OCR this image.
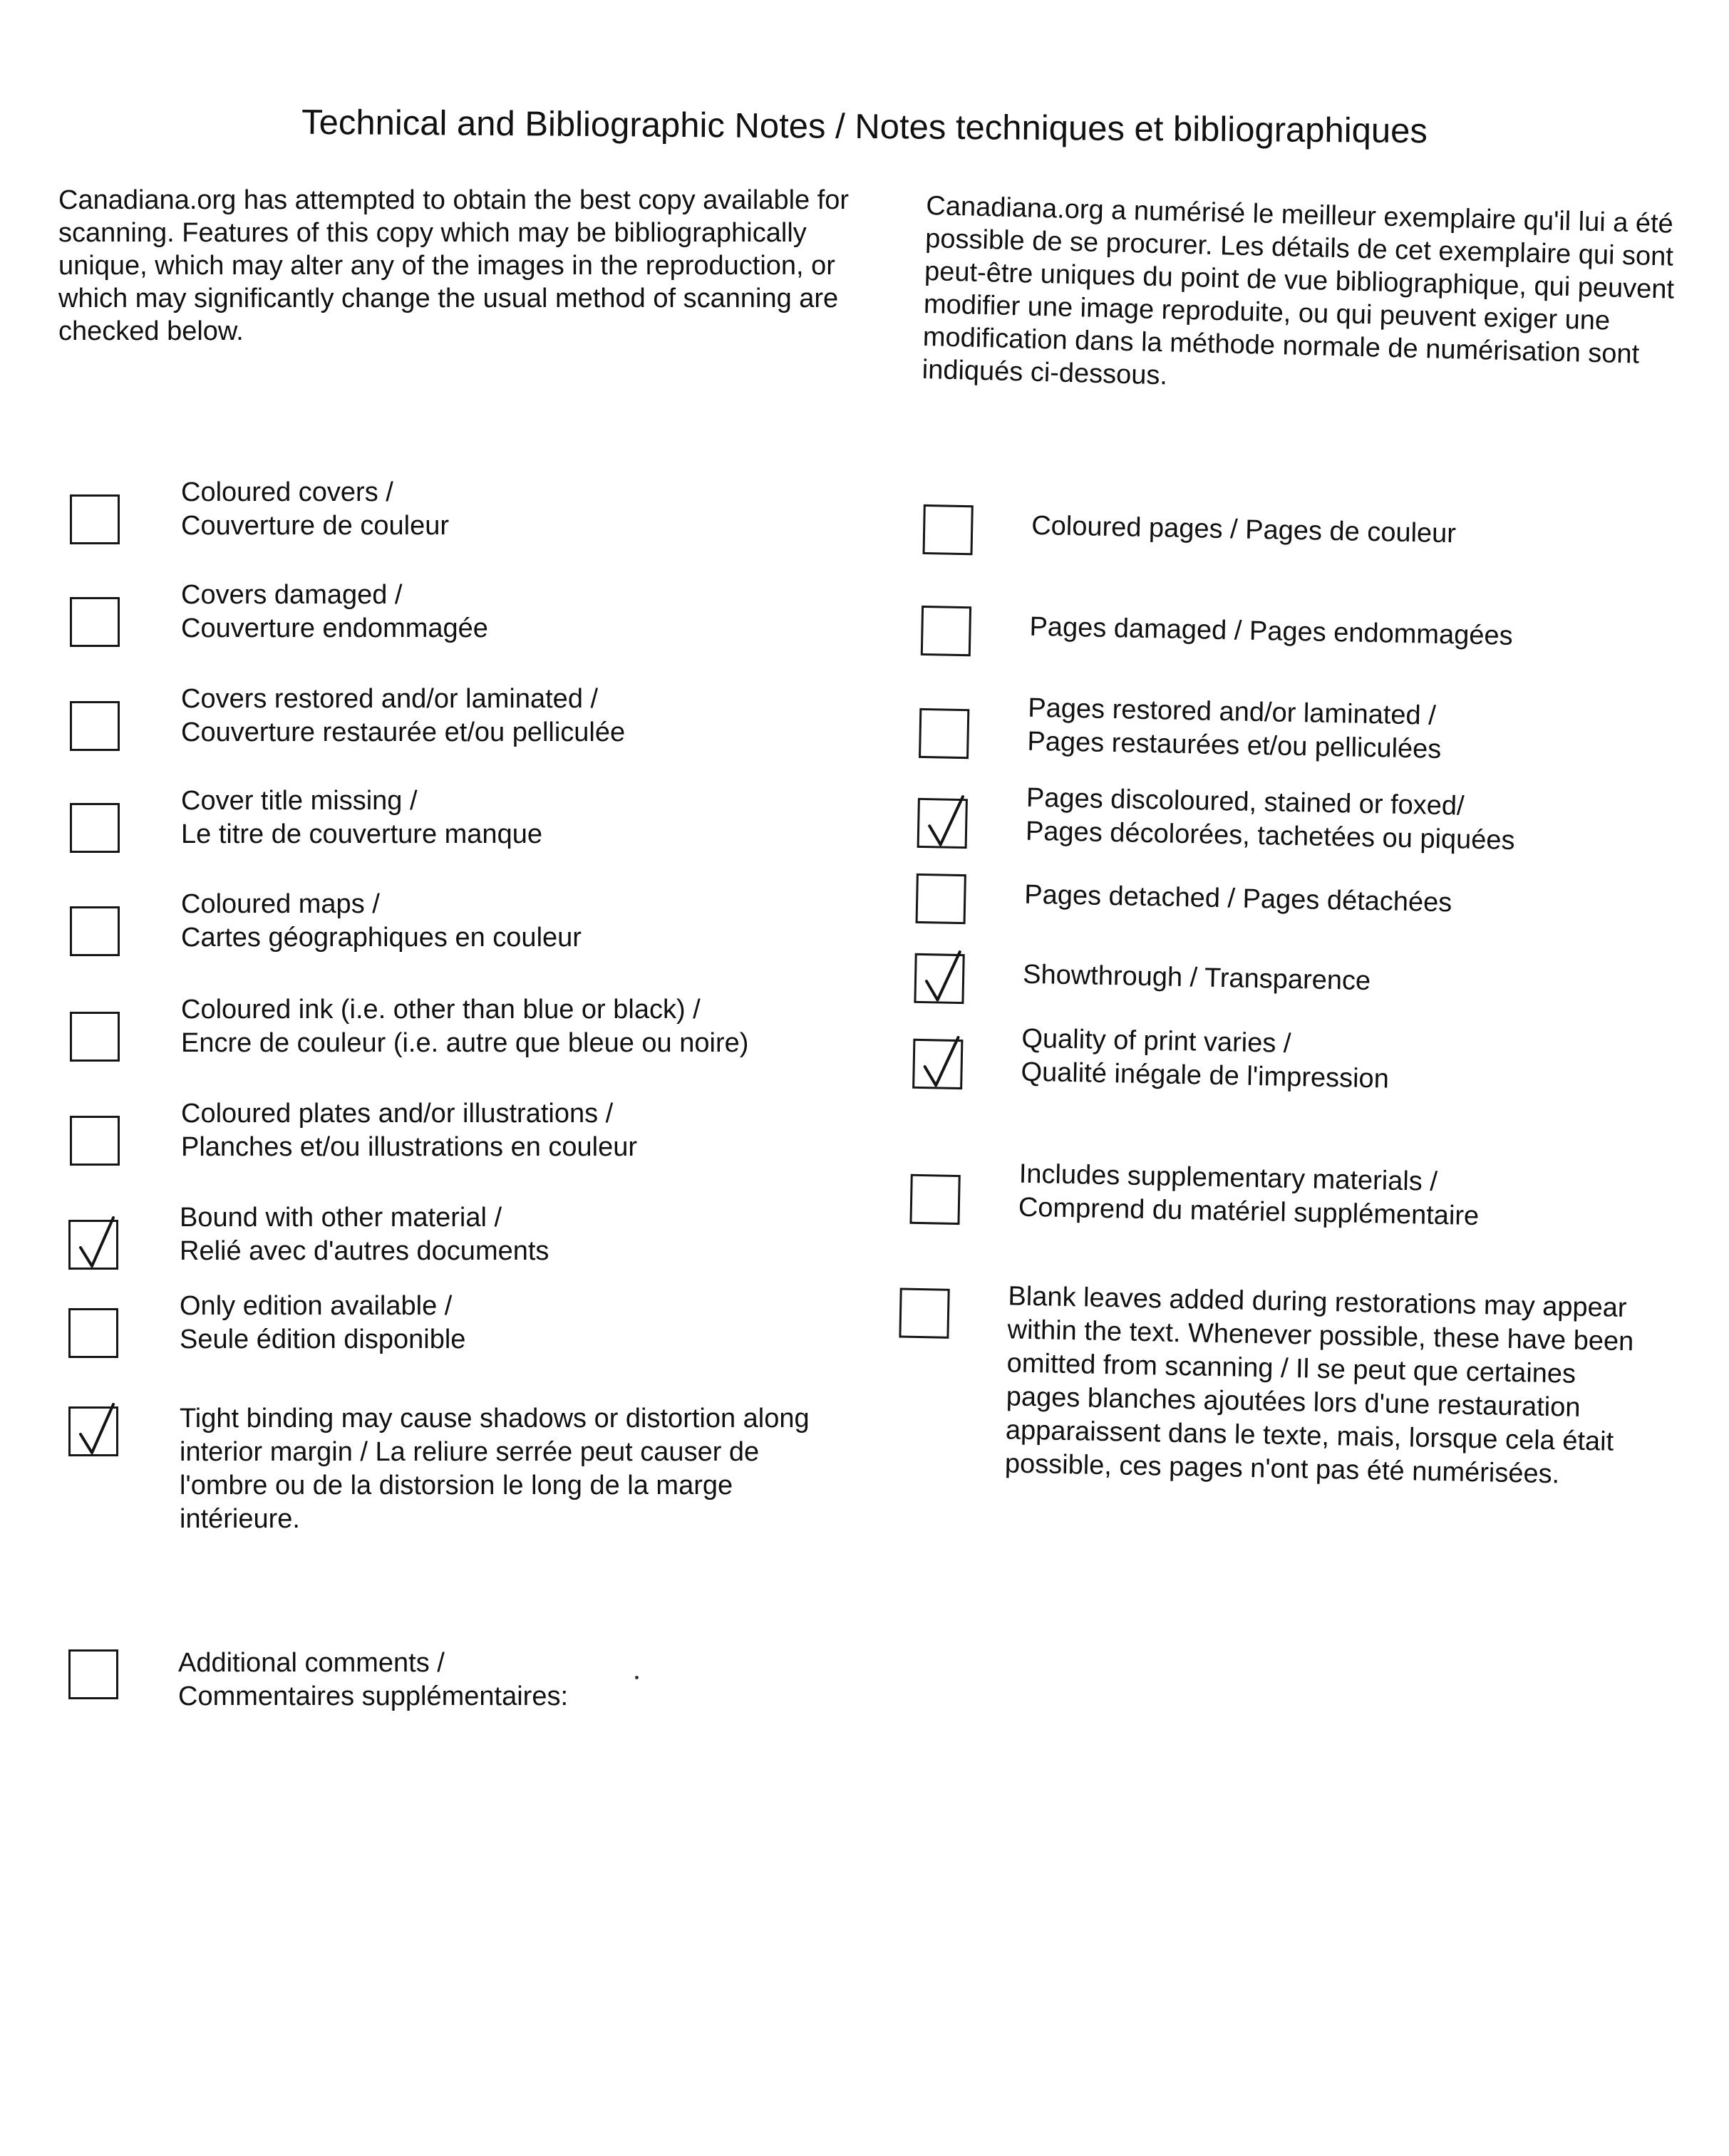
Technical and Bibliographic Notes / Notes techniques et bibliographiques
Canadiana.org has attempted to obtain the best copy available for scanning. Features of this copy which may be bibliographically unique, which may alter any of the images in the reproduction, or which may significantly change the usual method of scanning are checked below.
Canadiana.org a numérisé le meilleur exemplaire qu'il lui a été possible de se procurer. Les détails de cet exemplaire qui sont peut-être uniques du point de vue bibliographique, qui peuvent modifier une image reproduite, ou qui peuvent exiger une modification dans la méthode normale de numérisation sont indiqués ci-dessous.
Coloured covers /
Couverture de couleur
Covers damaged /
Couverture endommagée
Covers restored and/or laminated /
Couverture restaurée et/ou pelliculée
Cover title missing /
Le titre de couverture manque
Coloured maps /
Cartes géographiques en couleur
Coloured ink (i.e. other than blue or black) /
Encre de couleur (i.e. autre que bleue ou noire)
Coloured plates and/or illustrations /
Planches et/ou illustrations en couleur
Bound with other material /
Relié avec d'autres documents
Only edition available /
Seule édition disponible
Tight binding may cause shadows or distortion along interior margin / La reliure serrée peut causer de l'ombre ou de la distorsion le long de la marge intérieure.
Coloured pages / Pages de couleur
Pages damaged / Pages endommagées
Pages restored and/or laminated /
Pages restaurées et/ou pelliculées
Pages discoloured, stained or foxed/
Pages décolorées, tachetées ou piquées
Pages detached / Pages détachées
Showthrough / Transparence
Quality of print varies /
Qualité inégale de l'impression
Includes supplementary materials /
Comprend du matériel supplémentaire
Blank leaves added during restorations may appear within the text. Whenever possible, these have been omitted from scanning / Il se peut que certaines pages blanches ajoutées lors d'une restauration apparaissent dans le texte, mais, lorsque cela était possible, ces pages n'ont pas été numérisées.
Additional comments /
Commentaires supplémentaires:
